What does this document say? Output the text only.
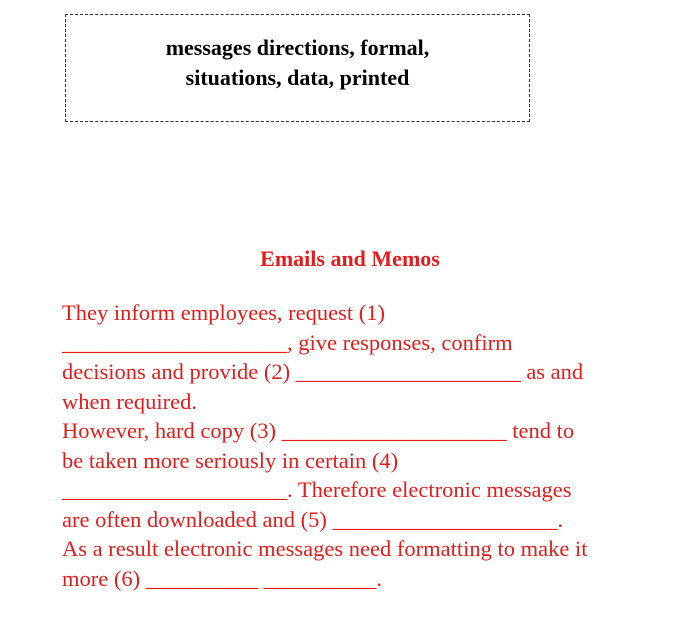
messages directions, formal,
situations, data, printed
Emails and Memos
They inform employees, request (1)
____________________, give responses, confirm
decisions and provide (2) ____________________ as and
when required.
However, hard copy (3) ____________________ tend to
be taken more seriously in certain (4)
____________________. Therefore electronic messages
are often downloaded and (5) ____________________.
As a result electronic messages need formatting to make it
more (6) __________ __________.
